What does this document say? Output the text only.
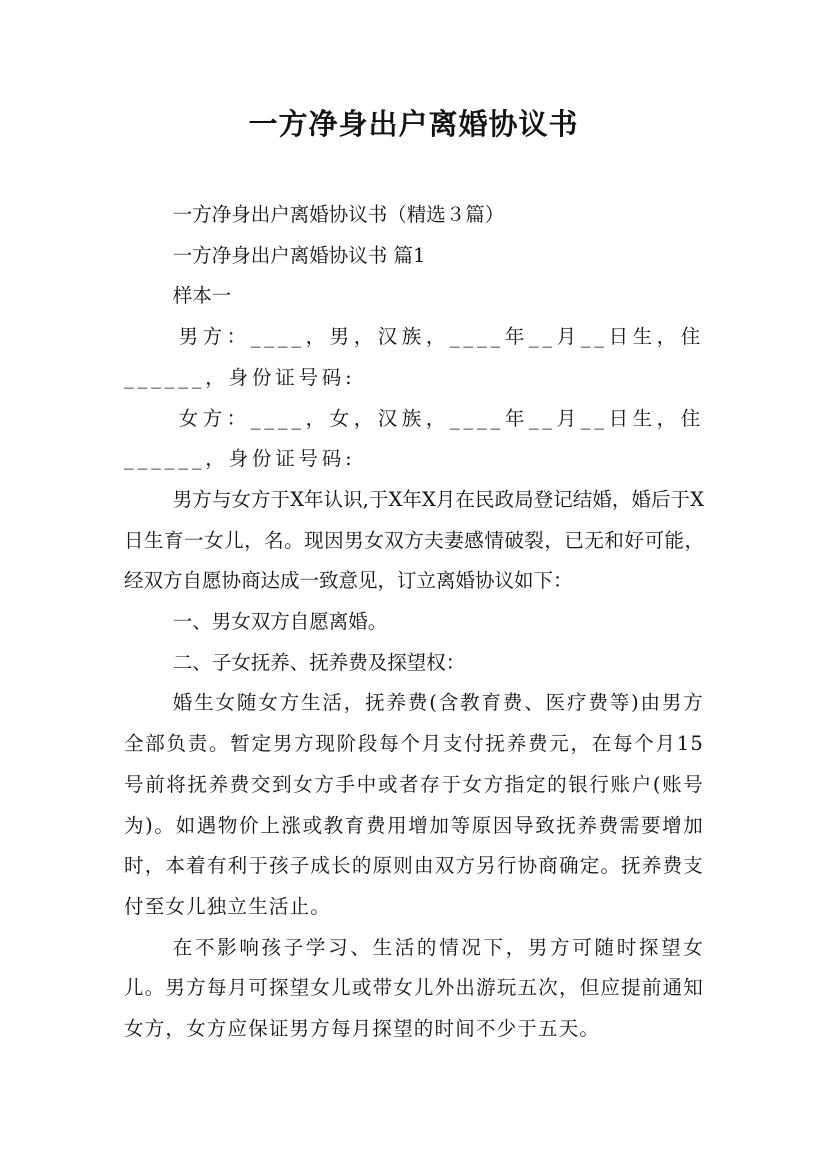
一方净身出户离婚协议书

一方净身出户离婚协议书（精选３篇）

一方净身出户离婚协议书 篇1

样本一

男方：____，男，汉族，____年__月__日生，住______，身份证号码:

女方：____，女，汉族，____年__月__日生，住______，身份证号码:

男方与女方于X年认识,于X年X月在民政局登记结婚，婚后于X日生育一女儿，名。现因男女双方夫妻感情破裂，已无和好可能，经双方自愿协商达成一致意见，订立离婚协议如下：

一、男女双方自愿离婚。

二、子女抚养、抚养费及探望权：

婚生女随女方生活，抚养费(含教育费、医疗费等)由男方全部负责。暂定男方现阶段每个月支付抚养费元，在每个月15号前将抚养费交到女方手中或者存于女方指定的银行账户(账号为)。如遇物价上涨或教育费用增加等原因导致抚养费需要增加时，本着有利于孩子成长的原则由双方另行协商确定。抚养费支付至女儿独立生活止。

在不影响孩子学习、生活的情况下，男方可随时探望女儿。男方每月可探望女儿或带女儿外出游玩五次，但应提前通知女方，女方应保证男方每月探望的时间不少于五天。
